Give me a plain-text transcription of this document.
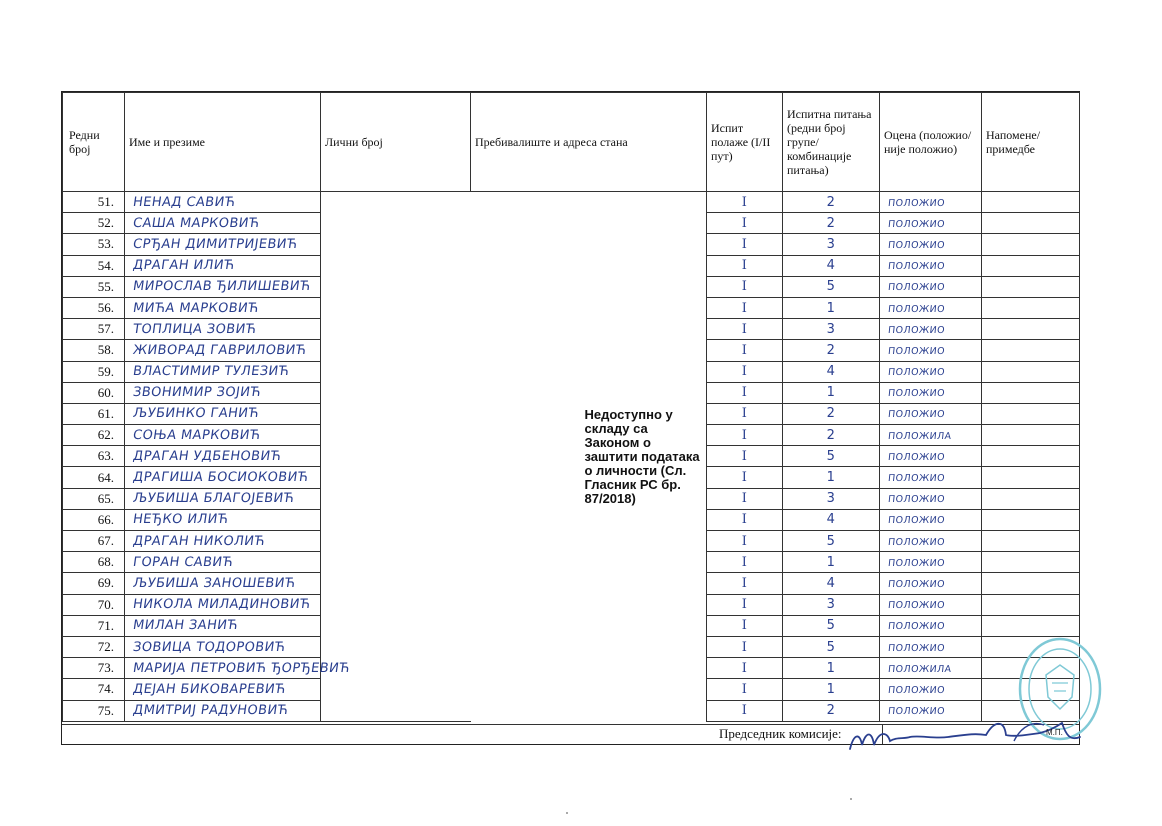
Редни број	Име и презиме	Лични број	Пребивалиште и адреса стана	Испит полаже (I/II пут)	Испитна питања (редни број групе/ комбинације питања)	Оцена (положио/ није положио)	Напомене/ примедбе
51.	НЕНАД САВИЋ		Недоступно у складу са Законом о заштити података о личности (Сл. Гласник РС бр. 87/2018)	I	2	ПОЛОЖИО	
52.	САША МАРКОВИЋ			I	2	ПОЛОЖИО	
53.	СРЂАН ДИМИТРИЈЕВИЋ			I	3	ПОЛОЖИО	
54.	ДРАГАН ИЛИЋ			I	4	ПОЛОЖИО	
55.	МИРОСЛАВ ЂИЛИШЕВИЋ			I	5	ПОЛОЖИО	
56.	МИЋА МАРКОВИЋ			I	1	ПОЛОЖИО	
57.	ТОПЛИЦА ЗОВИЋ			I	3	ПОЛОЖИО	
58.	ЖИВОРАД ГАВРИЛОВИЋ			I	2	ПОЛОЖИО	
59.	ВЛАСТИМИР ТУЛЕЗИЋ			I	4	ПОЛОЖИО	
60.	ЗВОНИМИР ЗОЈИЋ			I	1	ПОЛОЖИО	
61.	ЉУБИНКО ГАНИЋ			I	2	ПОЛОЖИО	
62.	СОЊА МАРКОВИЋ			I	2	ПОЛОЖИЛА	
63.	ДРАГАН УДБЕНОВИЋ			I	5	ПОЛОЖИО	
64.	ДРАГИША БОСИОКОВИЋ			I	1	ПОЛОЖИО	
65.	ЉУБИША БЛАГОЈЕВИЋ			I	3	ПОЛОЖИО	
66.	НЕЂКО ИЛИЋ			I	4	ПОЛОЖИО	
67.	ДРАГАН НИКОЛИЋ			I	5	ПОЛОЖИО	
68.	ГОРАН САВИЋ			I	1	ПОЛОЖИО	
69.	ЉУБИША ЗАНОШЕВИЋ			I	4	ПОЛОЖИО	
70.	НИКОЛА МИЛАДИНОВИЋ			I	3	ПОЛОЖИО	
71.	МИЛАН ЗАНИЋ			I	5	ПОЛОЖИО	
72.	ЗОВИЦА ТОДОРОВИЋ			I	5	ПОЛОЖИО	
73.	МАРИЈА ПЕТРОВИЋ ЂОРЂЕВИЋ			I	1	ПОЛОЖИЛА	
74.	ДЕЈАН БИКОВАРЕВИЋ			I	1	ПОЛОЖИО	
75.	ДМИТРИЈ РАДУНОВИЋ			I	2	ПОЛОЖИО	
Председник комисије:	М.П.
